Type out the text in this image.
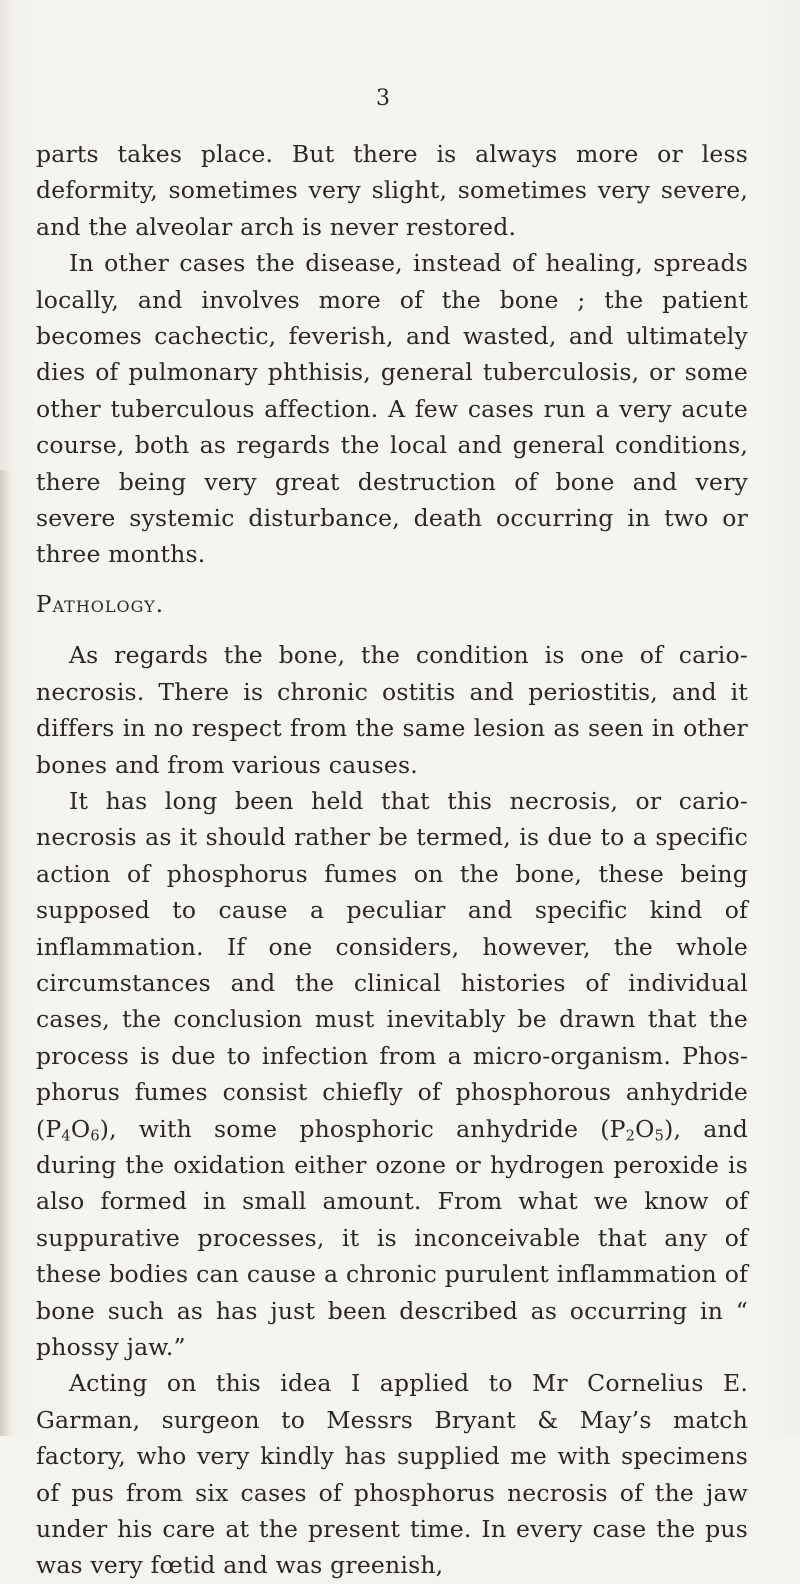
3

parts takes place. But there is always more or less deformity, sometimes very slight, sometimes very severe, and the alveolar arch is never restored.

In other cases the disease, instead of healing, spreads locally, and involves more of the bone ; the patient becomes cachectic, feverish, and wasted, and ultimately dies of pulmonary phthisis, general tuberculosis, or some other tuberculous affection. A few cases run a very acute course, both as regards the local and general conditions, there being very great destruction of bone and very severe systemic disturbance, death occurring in two or three months.

Pathology.

As regards the bone, the condition is one of cario-necrosis. There is chronic ostitis and periostitis, and it differs in no respect from the same lesion as seen in other bones and from various causes.

It has long been held that this necrosis, or cario-necrosis as it should rather be termed, is due to a specific action of phosphorus fumes on the bone, these being supposed to cause a peculiar and specific kind of inflammation. If one considers, however, the whole circumstances and the clinical histories of individual cases, the conclusion must inevitably be drawn that the process is due to infection from a micro-organism. Phosphorus fumes consist chiefly of phosphorous anhydride $(P_4O_6)$, with some phosphoric anhydride $(P_2O_5)$, and during the oxidation either ozone or hydrogen peroxide is also formed in small amount. From what we know of suppurative processes, it is inconceivable that any of these bodies can cause a chronic purulent inflammation of bone such as has just been described as occurring in “ phossy jaw.”

Acting on this idea I applied to Mr Cornelius E. Garman, surgeon to Messrs Bryant & May’s match factory, who very kindly has supplied me with specimens of pus from six cases of phosphorus necrosis of the jaw under his care at the present time. In every case the pus was very fœtid and was greenish,
